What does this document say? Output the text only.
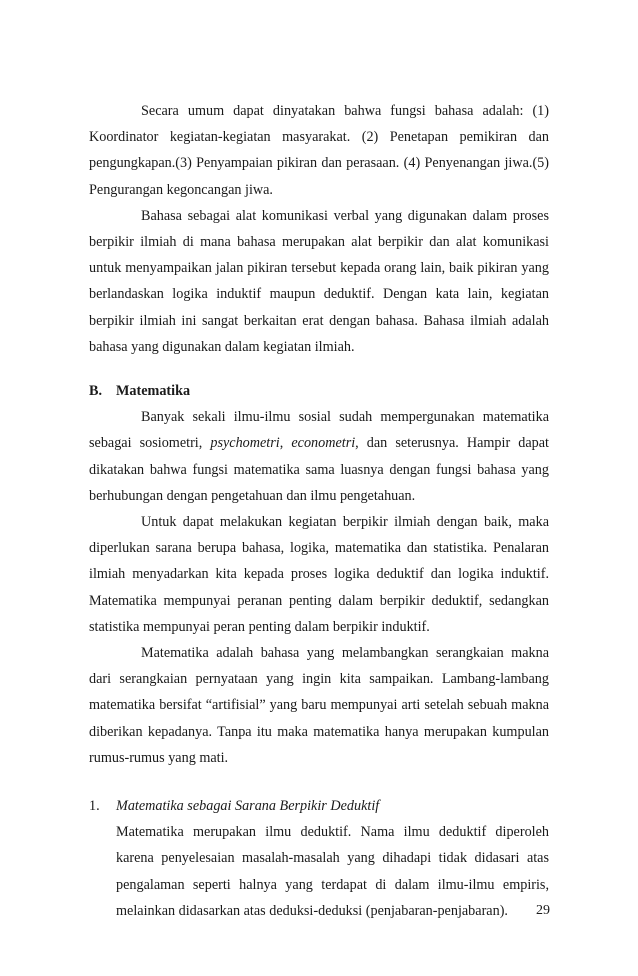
Secara umum dapat dinyatakan bahwa fungsi bahasa adalah: (1) Koordinator kegiatan-kegiatan masyarakat. (2) Penetapan pemikiran dan pengungkapan.(3) Penyampaian pikiran dan perasaan. (4) Penyenangan jiwa.(5) Pengurangan kegoncangan jiwa.

Bahasa sebagai alat komunikasi verbal yang digunakan dalam proses berpikir ilmiah di mana bahasa merupakan alat berpikir dan alat komunikasi untuk menyampaikan jalan pikiran tersebut kepada orang lain, baik pikiran yang berlandaskan logika induktif maupun deduktif. Dengan kata lain, kegiatan berpikir ilmiah ini sangat berkaitan erat dengan bahasa. Bahasa ilmiah adalah bahasa yang digunakan dalam kegiatan ilmiah.

B. Matematika

Banyak sekali ilmu-ilmu sosial sudah mempergunakan matematika sebagai sosiometri, psychometri, econometri, dan seterusnya. Hampir dapat dikatakan bahwa fungsi matematika sama luasnya dengan fungsi bahasa yang berhubungan dengan pengetahuan dan ilmu pengetahuan.

Untuk dapat melakukan kegiatan berpikir ilmiah dengan baik, maka diperlukan sarana berupa bahasa, logika, matematika dan statistika. Penalaran ilmiah menyadarkan kita kepada proses logika deduktif dan logika induktif. Matematika mempunyai peranan penting dalam berpikir deduktif, sedangkan statistika mempunyai peran penting dalam berpikir induktif.

Matematika adalah bahasa yang melambangkan serangkaian makna dari serangkaian pernyataan yang ingin kita sampaikan. Lambang-lambang matematika bersifat “artifisial” yang baru mempunyai arti setelah sebuah makna diberikan kepadanya. Tanpa itu maka matematika hanya merupakan kumpulan rumus-rumus yang mati.

1.	Matematika sebagai Sarana Berpikir Deduktif

Matematika merupakan ilmu deduktif. Nama ilmu deduktif diperoleh karena penyelesaian masalah-masalah yang dihadapi tidak didasari atas pengalaman seperti halnya yang terdapat di dalam ilmu-ilmu empiris, melainkan didasarkan atas deduksi-deduksi (penjabaran-penjabaran).	29
